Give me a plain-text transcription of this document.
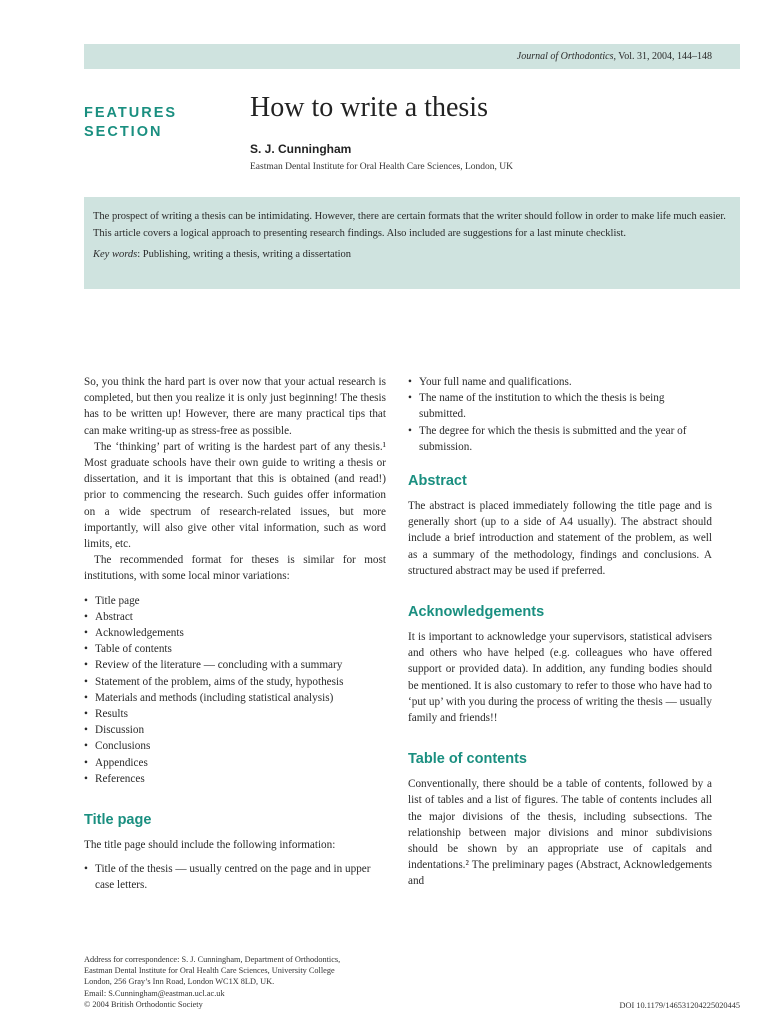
Journal of Orthodontics, Vol. 31, 2004, 144–148
FEATURES
SECTION
How to write a thesis
S. J. Cunningham
Eastman Dental Institute for Oral Health Care Sciences, London, UK

The prospect of writing a thesis can be intimidating. However, there are certain formats that the writer should follow in order to make life much easier. This article covers a logical approach to presenting research findings. Also included are suggestions for a last minute checklist.

Key words: Publishing, writing a thesis, writing a dissertation

So, you think the hard part is over now that your actual research is completed, but then you realize it is only just beginning! The thesis has to be written up! However, there are many practical tips that can make writing-up as stress-free as possible.

The ‘thinking’ part of writing is the hardest part of any thesis.¹ Most graduate schools have their own guide to writing a thesis or dissertation, and it is important that this is obtained (and read!) prior to commencing the research. Such guides offer information on a wide spectrum of research-related issues, but more importantly, will also give other vital information, such as word limits, etc.

The recommended format for theses is similar for most institutions, with some local minor variations:

• Title page
• Abstract
• Acknowledgements
• Table of contents
• Review of the literature — concluding with a summary
• Statement of the problem, aims of the study, hypothesis
• Materials and methods (including statistical analysis)
• Results
• Discussion
• Conclusions
• Appendices
• References
Title page

The title page should include the following information:

• Title of the thesis — usually centred on the page and in upper case letters.
• Your full name and qualifications.
• The name of the institution to which the thesis is being submitted.
• The degree for which the thesis is submitted and the year of submission.
Abstract

The abstract is placed immediately following the title page and is generally short (up to a side of A4 usually). The abstract should include a brief introduction and statement of the problem, as well as a summary of the methodology, findings and conclusions. A structured abstract may be used if preferred.

Acknowledgements

It is important to acknowledge your supervisors, statistical advisers and others who have helped (e.g. colleagues who have offered support or provided data). In addition, any funding bodies should be mentioned. It is also customary to refer to those who have had to ‘put up’ with you during the process of writing the thesis — usually family and friends!!

Table of contents

Conventionally, there should be a table of contents, followed by a list of tables and a list of figures. The table of contents includes all the major divisions of the thesis, including subsections. The relationship between major divisions and minor subdivisions should be shown by an appropriate use of capitals and indentations.² The preliminary pages (Abstract, Acknowledgements and

Address for correspondence: S. J. Cunningham, Department of Orthodontics,
Eastman Dental Institute for Oral Health Care Sciences, University College
London, 256 Gray’s Inn Road, London WC1X 8LD, UK.
Email: S.Cunningham@eastman.ucl.ac.uk
© 2004 British Orthodontic Society	DOI 10.1179/146531204225020445
